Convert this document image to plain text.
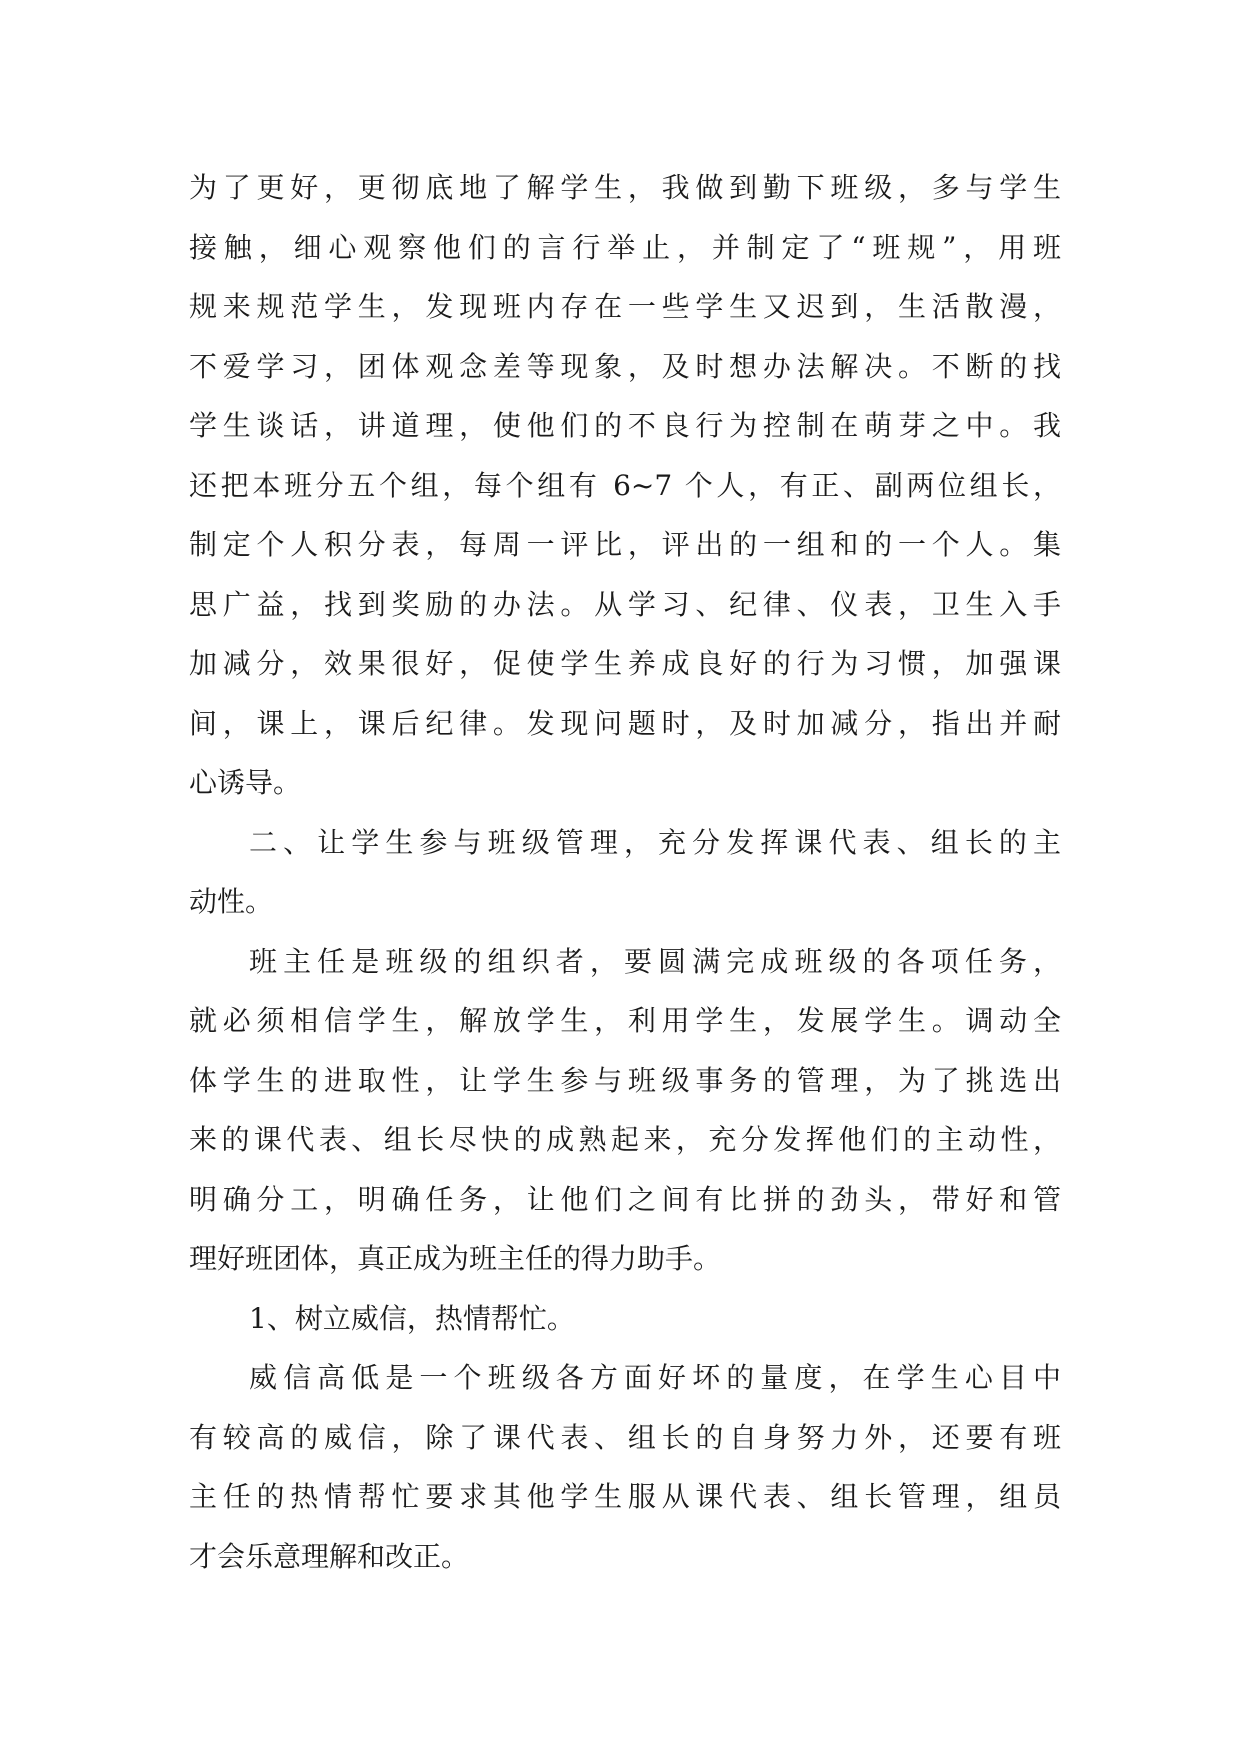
为了更好，更彻底地了解学生，我做到勤下班级，多与学生
接触，细心观察他们的言行举止，并制定了“班规”，用班
规来规范学生，发现班内存在一些学生又迟到，生活散漫，
不爱学习，团体观念差等现象，及时想办法解决。不断的找
学生谈话，讲道理，使他们的不良行为控制在萌芽之中。我
还把本班分五个组，每个组有 6~7 个人，有正、副两位组长，
制定个人积分表，每周一评比，评出的一组和的一个人。集
思广益，找到奖励的办法。从学习、纪律、仪表，卫生入手
加减分，效果很好，促使学生养成良好的行为习惯，加强课
间，课上，课后纪律。发现问题时，及时加减分，指出并耐
心诱导。
二、让学生参与班级管理，充分发挥课代表、组长的主
动性。
班主任是班级的组织者，要圆满完成班级的各项任务，
就必须相信学生，解放学生，利用学生，发展学生。调动全
体学生的进取性，让学生参与班级事务的管理，为了挑选出
来的课代表、组长尽快的成熟起来，充分发挥他们的主动性，
明确分工，明确任务，让他们之间有比拼的劲头，带好和管
理好班团体，真正成为班主任的得力助手。
1、树立威信，热情帮忙。
威信高低是一个班级各方面好坏的量度，在学生心目中
有较高的威信，除了课代表、组长的自身努力外，还要有班
主任的热情帮忙要求其他学生服从课代表、组长管理，组员
才会乐意理解和改正。
